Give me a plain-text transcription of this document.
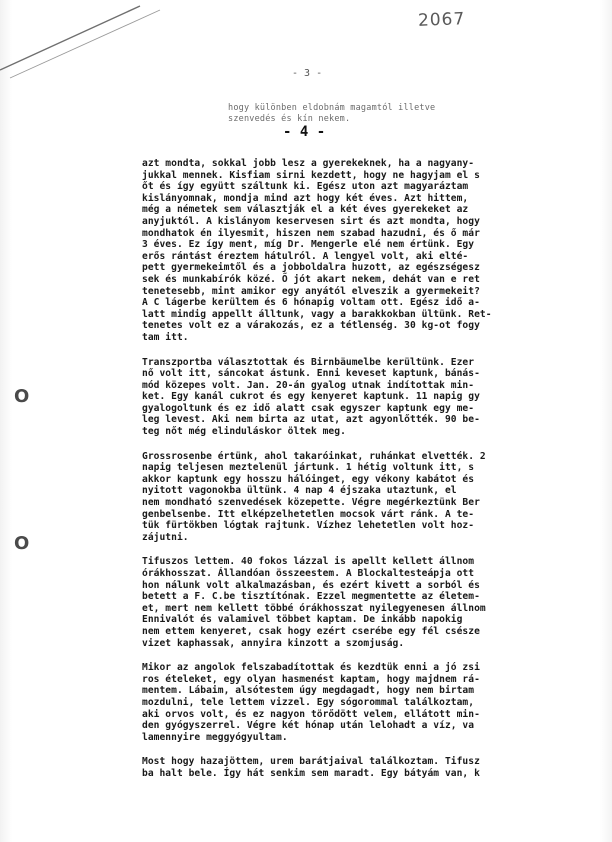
2067
- 3 -
hogy különben eldobnám magamtól illetve
szenvedés és kín nekem.
- 4 -
O
O
azt mondta, sokkal jobb lesz a gyerekeknek, ha a nagyany-
jukkal mennek. Kisfiam sirni kezdett, hogy ne hagyjam el s
őt és így együtt száltunk ki. Egész uton azt magyaráztam
kislányomnak, mondja mind azt hogy két éves. Azt hittem,
még a németek sem választják el a két éves gyerekeket az
anyjuktól. A kislányom keservesen sirt és azt mondta, hogy
mondhatok én ilyesmit, hiszen nem szabad hazudni, és ő már
3 éves. Ez így ment, míg Dr. Mengerle elé nem értünk. Egy
erős rántást éreztem hátulról. A lengyel volt, aki elté-
pett gyermekeimtől és a jobboldalra huzott, az egészségesz
sek és munkabírók közé. Ő jót akart nekem, dehát van e ret
tenetesebb, mint amikor egy anyától elveszik a gyermekeit?
A C lágerbe kerültem és 6 hónapig voltam ott. Egész idő a-
latt mindig appellt álltunk, vagy a barakkokban ültünk. Ret-
tenetes volt ez a várakozás, ez a tétlenség. 30 kg-ot fogy
tam itt.
Transzportba választottak és Birnbäumelbe kerültünk. Ezer
nő volt itt, sáncokat ástunk. Enni keveset kaptunk, bánás-
mód közepes volt. Jan. 20-án gyalog utnak indítottak min-
ket. Egy kanál cukrot és egy kenyeret kaptunk. 11 napig gy
gyalogoltunk és ez idő alatt csak egyszer kaptunk egy me-
leg levest. Aki nem birta az utat, azt agyonlőtték. 90 be-
teg nőt még elinduláskor öltek meg.
Grossrosenbe értünk, ahol takaróinkat, ruhánkat elvették. 2
napig teljesen meztelenül jártunk. 1 hétig voltunk itt, s
akkor kaptunk egy hosszu hálóinget, egy vékony kabátot és
nyitott vagonokba ültünk. 4 nap 4 éjszaka utaztunk, el
nem mondható szenvedések közepette. Végre megérkeztünk Ber
genbelsenbe. Itt elképzelhetetlen mocsok várt ránk. A te-
tük fürtökben lógtak rajtunk. Vízhez lehetetlen volt hoz-
zájutni.
Tifuszos lettem. 40 fokos lázzal is apellt kellett állnom
órákhosszat. Állandóan összeestem. A Blockaltesteápja ott
hon nálunk volt alkalmazásban, és ezért kivett a sorból és
betett a F. C.be tisztítónak. Ezzel megmentette az életem-
et, mert nem kellett többé órákhosszat nyilegyenesen állnom
Ennivalót és valamivel többet kaptam. De inkább napokig
nem ettem kenyeret, csak hogy ezért cserébe egy fél csésze
vizet kaphassak, annyira kinzott a szomjuság.
Mikor az angolok felszabadítottak és kezdtük enni a jó zsi
ros ételeket, egy olyan hasmenést kaptam, hogy majdnem rá-
mentem. Lábaim, alsótestem úgy megdagadt, hogy nem birtam
mozdulni, tele lettem vizzel. Egy sógorommal találkoztam,
aki orvos volt, és ez nagyon törődött velem, ellátott min-
den gyógyszerrel. Végre két hónap után lelohadt a víz, va
lamennyire meggyógyultam.
Most hogy hazajöttem, urem barátjaival találkoztam. Tifusz
ba halt bele. Így hát senkim sem maradt. Egy bátyám van, k
